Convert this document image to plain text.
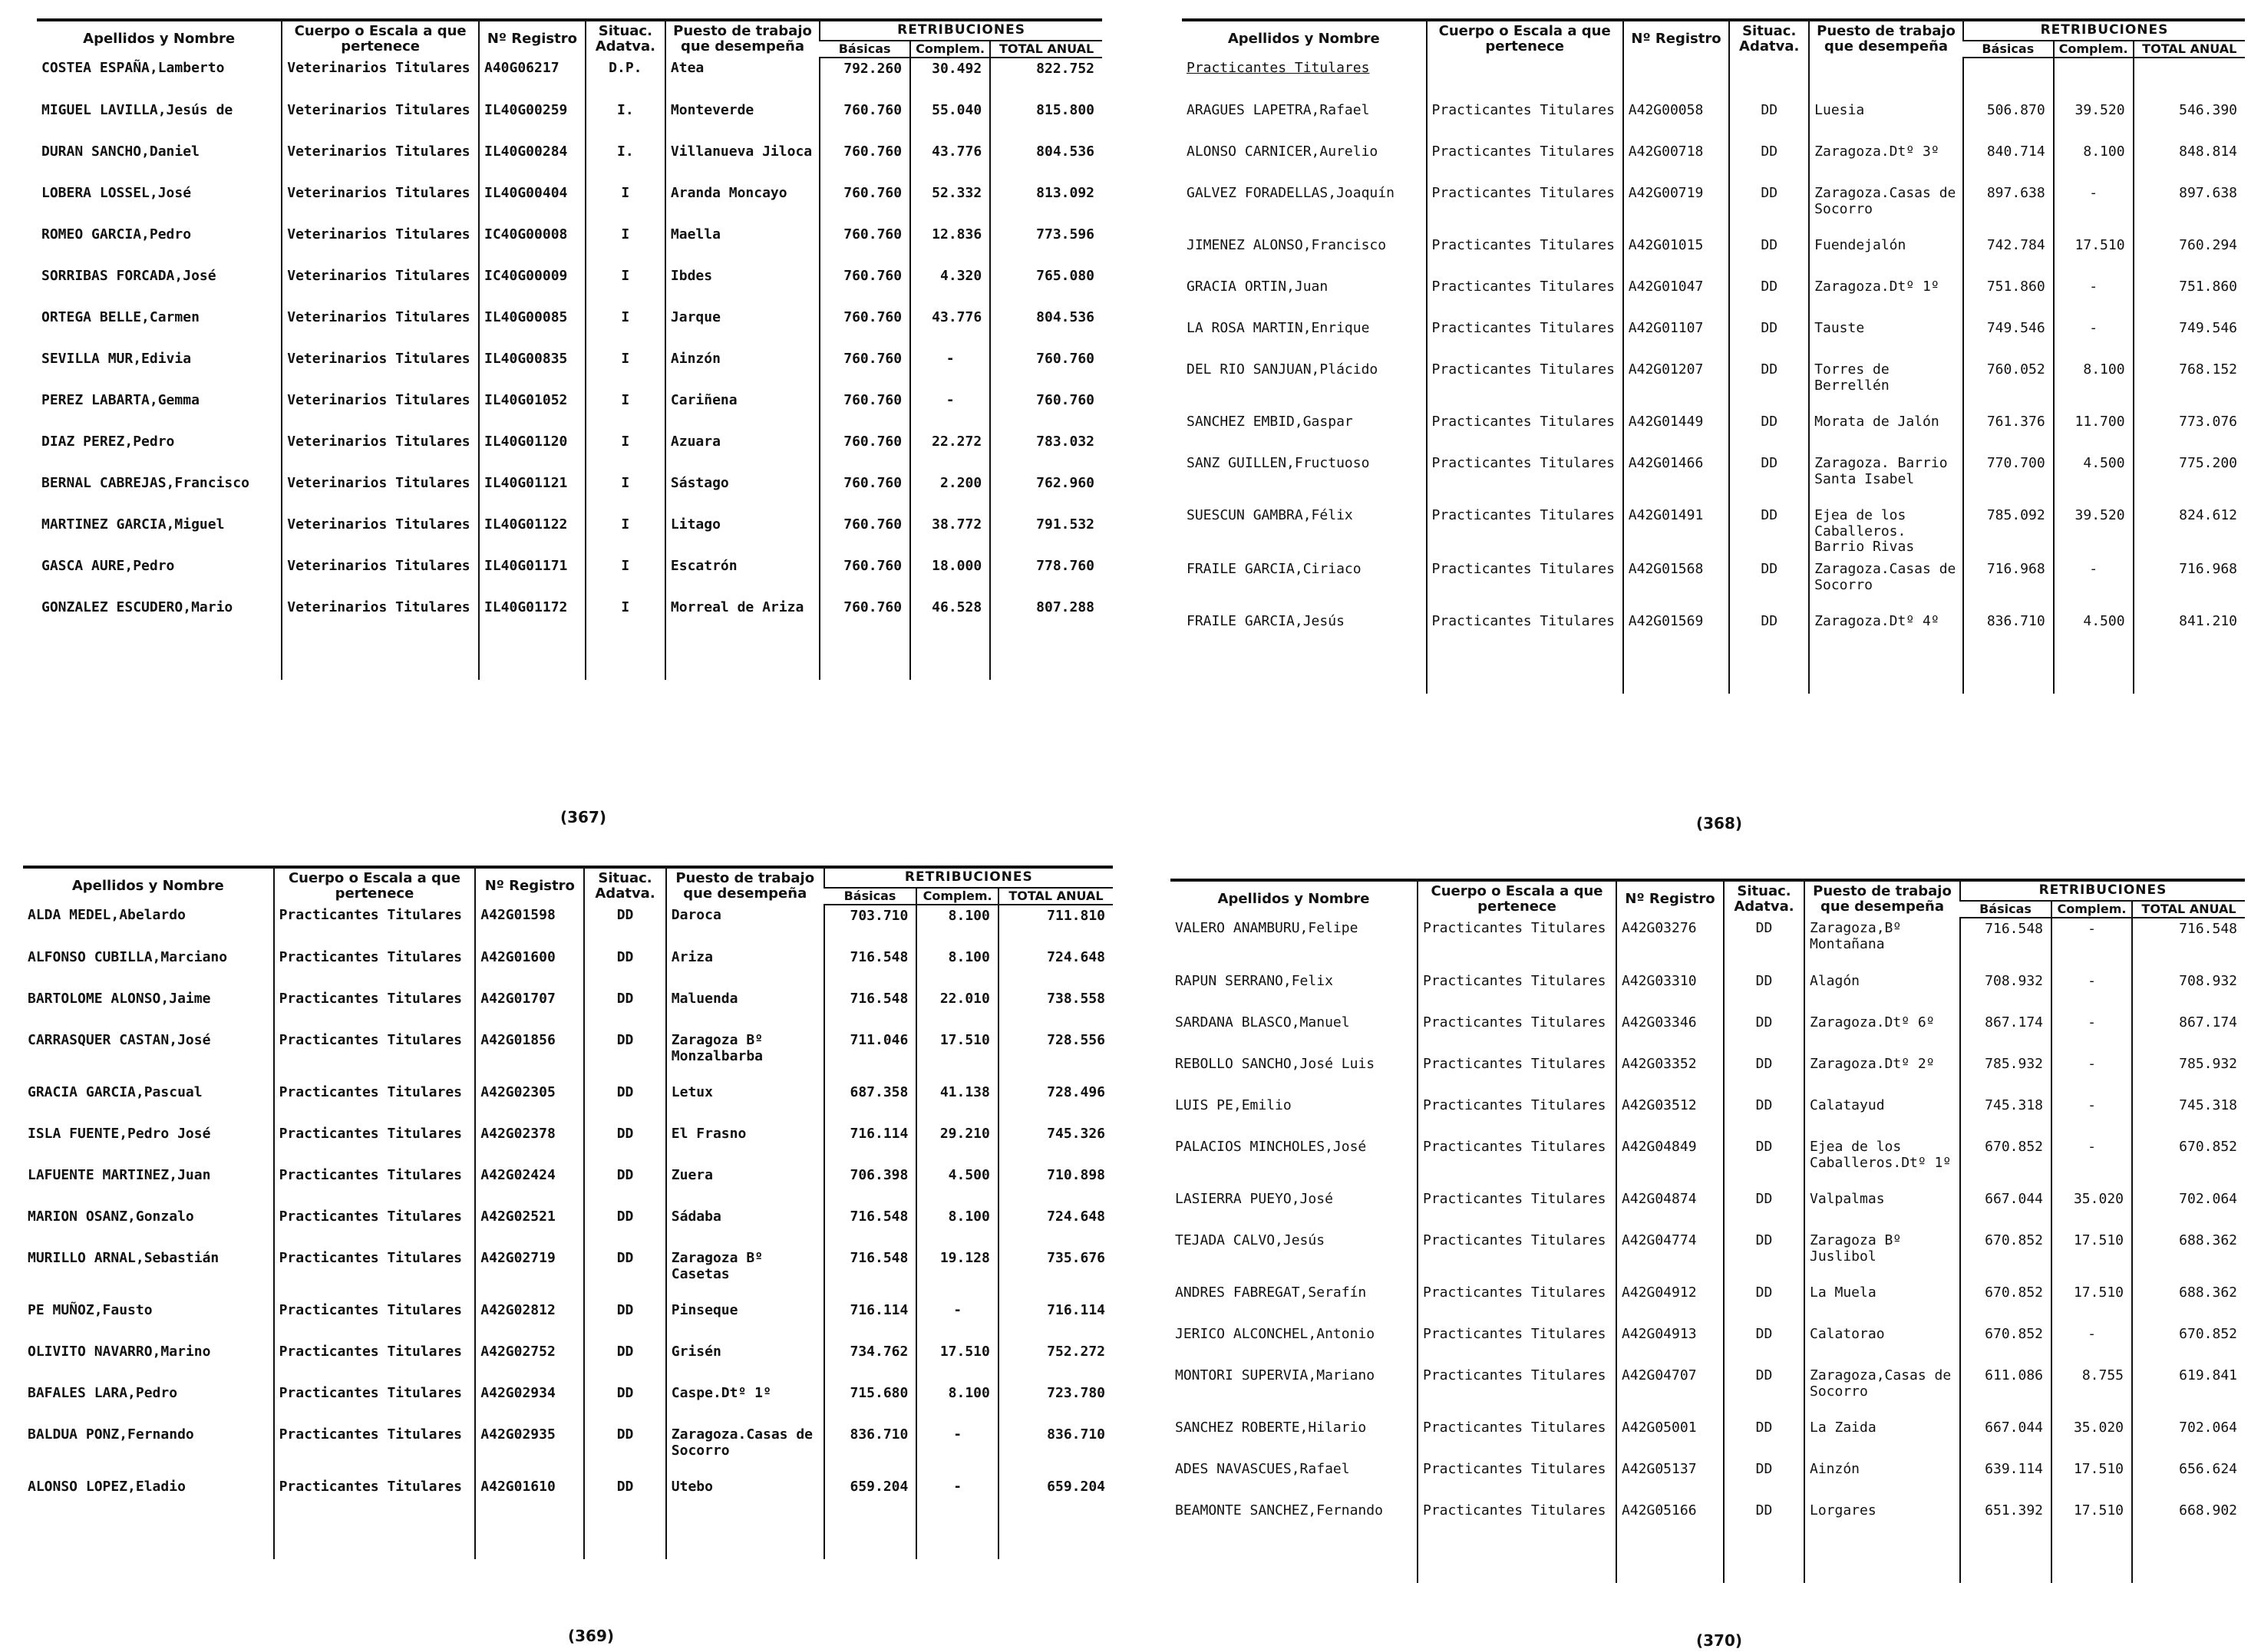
Apellidos y Nombre	Cuerpo o Escala a que pertenece	Nº Registro	Situac. Adatva.	Puesto de trabajo que desempeña	RETRIBUCIONES		
					Básicas	Complem.	TOTAL ANUAL
COSTEA ESPAÑA,Lamberto	Veterinarios Titulares	A40G06217	D.P.	Atea	792.260	30.492	822.752
MIGUEL LAVILLA,Jesús de	Veterinarios Titulares	IL40G00259	I.	Monteverde	760.760	55.040	815.800
DURAN SANCHO,Daniel	Veterinarios Titulares	IL40G00284	I.	Villanueva Jiloca	760.760	43.776	804.536
LOBERA LOSSEL,José	Veterinarios Titulares	IL40G00404	I	Aranda Moncayo	760.760	52.332	813.092
ROMEO GARCIA,Pedro	Veterinarios Titulares	IC40G00008	I	Maella	760.760	12.836	773.596
SORRIBAS FORCADA,José	Veterinarios Titulares	IC40G00009	I	Ibdes	760.760	4.320	765.080
ORTEGA BELLE,Carmen	Veterinarios Titulares	IL40G00085	I	Jarque	760.760	43.776	804.536
SEVILLA MUR,Edivia	Veterinarios Titulares	IL40G00835	I	Ainzón	760.760	-	760.760
PEREZ LABARTA,Gemma	Veterinarios Titulares	IL40G01052	I	Cariñena	760.760	-	760.760
DIAZ PEREZ,Pedro	Veterinarios Titulares	IL40G01120	I	Azuara	760.760	22.272	783.032
BERNAL CABREJAS,Francisco	Veterinarios Titulares	IL40G01121	I	Sástago	760.760	2.200	762.960
MARTINEZ GARCIA,Miguel	Veterinarios Titulares	IL40G01122	I	Litago	760.760	38.772	791.532
GASCA AURE,Pedro	Veterinarios Titulares	IL40G01171	I	Escatrón	760.760	18.000	778.760
GONZALEZ ESCUDERO,Mario	Veterinarios Titulares	IL40G01172	I	Morreal de Ariza	760.760	46.528	807.288

(367)
Apellidos y Nombre	Cuerpo o Escala a que pertenece	Nº Registro	Situac. Adatva.	Puesto de trabajo que desempeña	RETRIBUCIONES		
					Básicas	Complem.	TOTAL ANUAL
Practicantes Titulares							
ARAGUES LAPETRA,Rafael	Practicantes Titulares	A42G00058	DD	Luesia	506.870	39.520	546.390
ALONSO CARNICER,Aurelio	Practicantes Titulares	A42G00718	DD	Zaragoza.Dtº 3º	840.714	8.100	848.814
GALVEZ FORADELLAS,Joaquín	Practicantes Titulares	A42G00719	DD	Zaragoza.Casas de Socorro	897.638	-	897.638
JIMENEZ ALONSO,Francisco	Practicantes Titulares	A42G01015	DD	Fuendejalón	742.784	17.510	760.294
GRACIA ORTIN,Juan	Practicantes Titulares	A42G01047	DD	Zaragoza.Dtº 1º	751.860	-	751.860
LA ROSA MARTIN,Enrique	Practicantes Titulares	A42G01107	DD	Tauste	749.546	-	749.546
DEL RIO SANJUAN,Plácido	Practicantes Titulares	A42G01207	DD	Torres de Berrellén	760.052	8.100	768.152
SANCHEZ EMBID,Gaspar	Practicantes Titulares	A42G01449	DD	Morata de Jalón	761.376	11.700	773.076
SANZ GUILLEN,Fructuoso	Practicantes Titulares	A42G01466	DD	Zaragoza. Barrio Santa Isabel	770.700	4.500	775.200
SUESCUN GAMBRA,Félix	Practicantes Titulares	A42G01491	DD	Ejea de los Caballeros. Barrio Rivas	785.092	39.520	824.612
FRAILE GARCIA,Ciriaco	Practicantes Titulares	A42G01568	DD	Zaragoza.Casas de Socorro	716.968	-	716.968
FRAILE GARCIA,Jesús	Practicantes Titulares	A42G01569	DD	Zaragoza.Dtº 4º	836.710	4.500	841.210

(368)
Apellidos y Nombre	Cuerpo o Escala a que pertenece	Nº Registro	Situac. Adatva.	Puesto de trabajo que desempeña	RETRIBUCIONES		
					Básicas	Complem.	TOTAL ANUAL
ALDA MEDEL,Abelardo	Practicantes Titulares	A42G01598	DD	Daroca	703.710	8.100	711.810
ALFONSO CUBILLA,Marciano	Practicantes Titulares	A42G01600	DD	Ariza	716.548	8.100	724.648
BARTOLOME ALONSO,Jaime	Practicantes Titulares	A42G01707	DD	Maluenda	716.548	22.010	738.558
CARRASQUER CASTAN,José	Practicantes Titulares	A42G01856	DD	Zaragoza Bº Monzalbarba	711.046	17.510	728.556
GRACIA GARCIA,Pascual	Practicantes Titulares	A42G02305	DD	Letux	687.358	41.138	728.496
ISLA FUENTE,Pedro José	Practicantes Titulares	A42G02378	DD	El Frasno	716.114	29.210	745.326
LAFUENTE MARTINEZ,Juan	Practicantes Titulares	A42G02424	DD	Zuera	706.398	4.500	710.898
MARION OSANZ,Gonzalo	Practicantes Titulares	A42G02521	DD	Sádaba	716.548	8.100	724.648
MURILLO ARNAL,Sebastián	Practicantes Titulares	A42G02719	DD	Zaragoza Bº Casetas	716.548	19.128	735.676
PE MUÑOZ,Fausto	Practicantes Titulares	A42G02812	DD	Pinseque	716.114	-	716.114
OLIVITO NAVARRO,Marino	Practicantes Titulares	A42G02752	DD	Grisén	734.762	17.510	752.272
BAFALES LARA,Pedro	Practicantes Titulares	A42G02934	DD	Caspe.Dtº 1º	715.680	8.100	723.780
BALDUA PONZ,Fernando	Practicantes Titulares	A42G02935	DD	Zaragoza.Casas de Socorro	836.710	-	836.710
ALONSO LOPEZ,Eladio	Practicantes Titulares	A42G01610	DD	Utebo	659.204	-	659.204

(369)
Apellidos y Nombre	Cuerpo o Escala a que pertenece	Nº Registro	Situac. Adatva.	Puesto de trabajo que desempeña	RETRIBUCIONES		
					Básicas	Complem.	TOTAL ANUAL
VALERO ANAMBURU,Felipe	Practicantes Titulares	A42G03276	DD	Zaragoza,Bº Montañana	716.548	-	716.548
RAPUN SERRANO,Felix	Practicantes Titulares	A42G03310	DD	Alagón	708.932	-	708.932
SARDANA BLASCO,Manuel	Practicantes Titulares	A42G03346	DD	Zaragoza.Dtº 6º	867.174	-	867.174
REBOLLO SANCHO,José Luis	Practicantes Titulares	A42G03352	DD	Zaragoza.Dtº 2º	785.932	-	785.932
LUIS PE,Emilio	Practicantes Titulares	A42G03512	DD	Calatayud	745.318	-	745.318
PALACIOS MINCHOLES,José	Practicantes Titulares	A42G04849	DD	Ejea de los Caballeros.Dtº 1º	670.852	-	670.852
LASIERRA PUEYO,José	Practicantes Titulares	A42G04874	DD	Valpalmas	667.044	35.020	702.064
TEJADA CALVO,Jesús	Practicantes Titulares	A42G04774	DD	Zaragoza Bº Juslibol	670.852	17.510	688.362
ANDRES FABREGAT,Serafín	Practicantes Titulares	A42G04912	DD	La Muela	670.852	17.510	688.362
JERICO ALCONCHEL,Antonio	Practicantes Titulares	A42G04913	DD	Calatorao	670.852	-	670.852
MONTORI SUPERVIA,Mariano	Practicantes Titulares	A42G04707	DD	Zaragoza,Casas de Socorro	611.086	8.755	619.841
SANCHEZ ROBERTE,Hilario	Practicantes Titulares	A42G05001	DD	La Zaida	667.044	35.020	702.064
ADES NAVASCUES,Rafael	Practicantes Titulares	A42G05137	DD	Ainzón	639.114	17.510	656.624
BEAMONTE SANCHEZ,Fernando	Practicantes Titulares	A42G05166	DD	Lorgares	651.392	17.510	668.902

(370)
